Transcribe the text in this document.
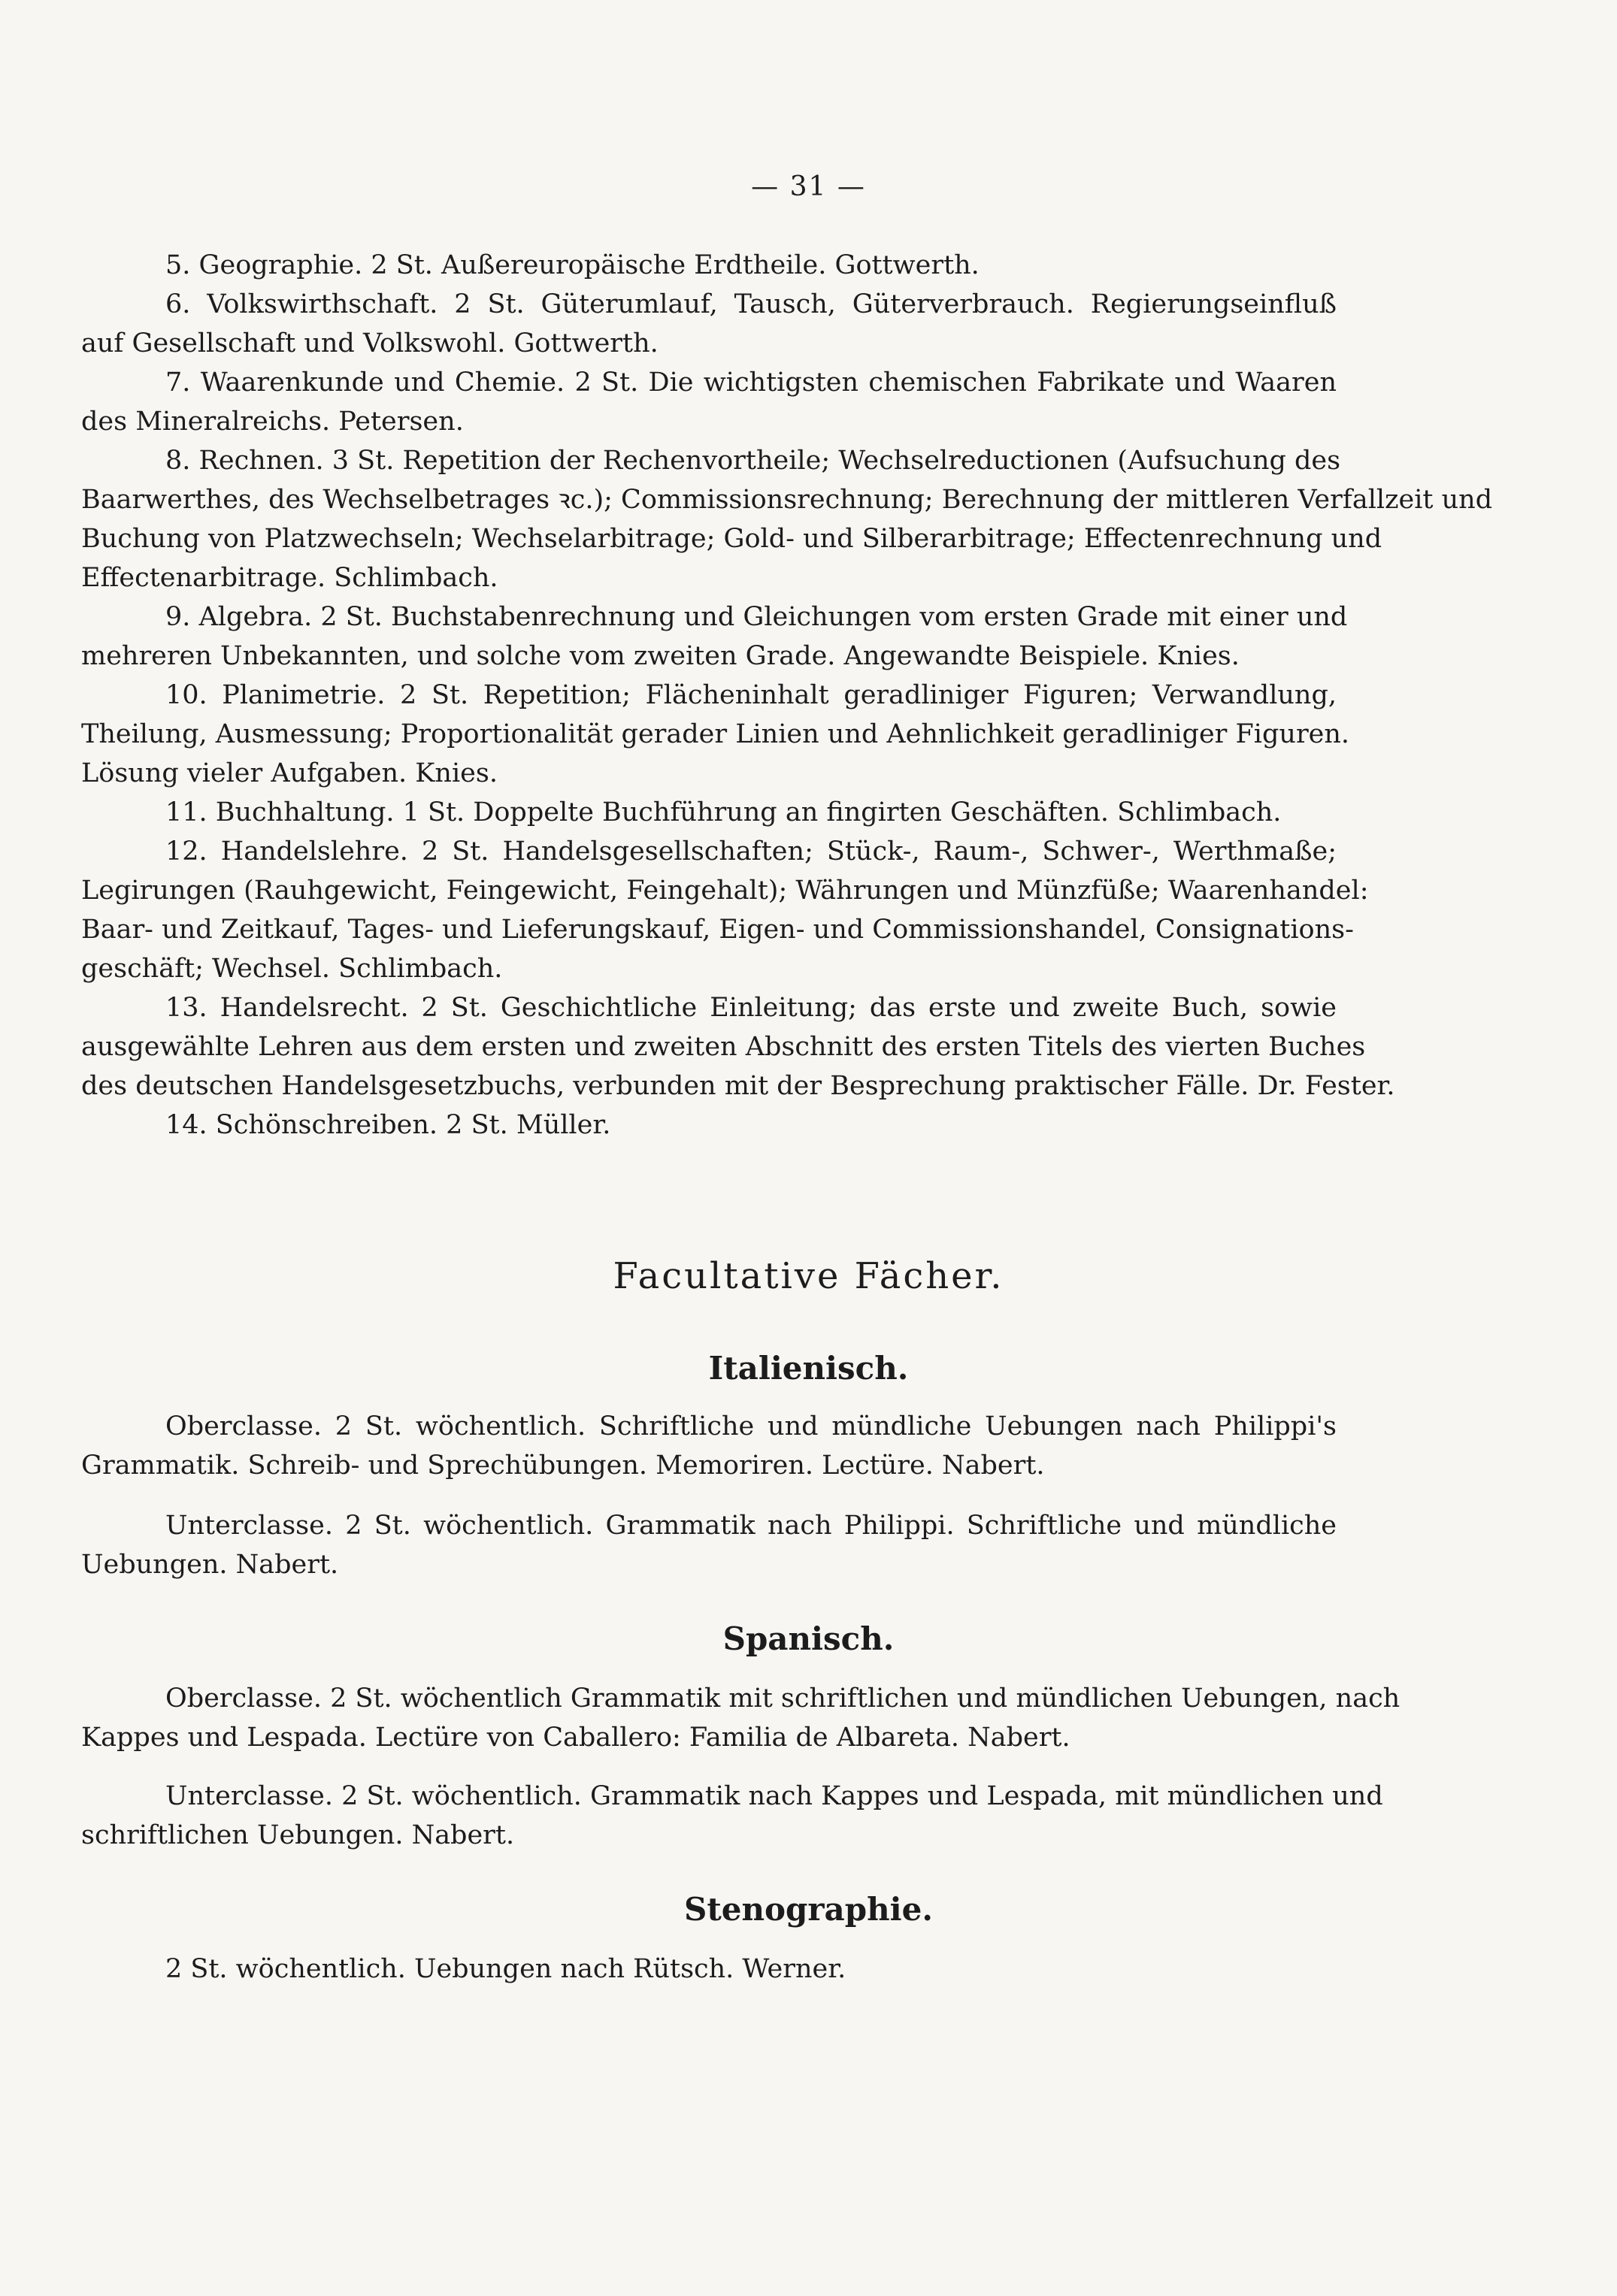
— 31 —
5. Geographie. 2 St. Außereuropäische Erdtheile. Gottwerth.
6. Volkswirthschaft. 2 St. Güterumlauf, Tausch, Güterverbrauch. Regierungseinfluß
auf Gesellschaft und Volkswohl. Gottwerth.
7. Waarenkunde und Chemie. 2 St. Die wichtigsten chemischen Fabrikate und Waaren
des Mineralreichs. Petersen.
8. Rechnen. 3 St. Repetition der Rechenvortheile; Wechselreductionen (Aufsuchung des
Baarwerthes, des Wechselbetrages ꝛc.); Commissionsrechnung; Berechnung der mittleren Verfallzeit und
Buchung von Platzwechseln; Wechselarbitrage; Gold- und Silberarbitrage; Effectenrechnung und
Effectenarbitrage. Schlimbach.
9. Algebra. 2 St. Buchstabenrechnung und Gleichungen vom ersten Grade mit einer und
mehreren Unbekannten, und solche vom zweiten Grade. Angewandte Beispiele. Knies.
10. Planimetrie. 2 St. Repetition; Flächeninhalt geradliniger Figuren; Verwandlung,
Theilung, Ausmessung; Proportionalität gerader Linien und Aehnlichkeit geradliniger Figuren.
Lösung vieler Aufgaben. Knies.
11. Buchhaltung. 1 St. Doppelte Buchführung an fingirten Geschäften. Schlimbach.
12. Handelslehre. 2 St. Handelsgesellschaften; Stück-, Raum-, Schwer-, Werthmaße;
Legirungen (Rauhgewicht, Feingewicht, Feingehalt); Währungen und Münzfüße; Waarenhandel:
Baar- und Zeitkauf, Tages- und Lieferungskauf, Eigen- und Commissionshandel, Consignations-
geschäft; Wechsel. Schlimbach.
13. Handelsrecht. 2 St. Geschichtliche Einleitung; das erste und zweite Buch, sowie
ausgewählte Lehren aus dem ersten und zweiten Abschnitt des ersten Titels des vierten Buches
des deutschen Handelsgesetzbuchs, verbunden mit der Besprechung praktischer Fälle. Dr. Fester.
14. Schönschreiben. 2 St. Müller.
Facultative Fächer.
Italienisch.
Oberclasse. 2 St. wöchentlich. Schriftliche und mündliche Uebungen nach Philippi's
Grammatik. Schreib- und Sprechübungen. Memoriren. Lectüre. Nabert.
Unterclasse. 2 St. wöchentlich. Grammatik nach Philippi. Schriftliche und mündliche
Uebungen. Nabert.
Spanisch.
Oberclasse. 2 St. wöchentlich Grammatik mit schriftlichen und mündlichen Uebungen, nach
Kappes und Lespada. Lectüre von Caballero: Familia de Albareta. Nabert.
Unterclasse. 2 St. wöchentlich. Grammatik nach Kappes und Lespada, mit mündlichen und
schriftlichen Uebungen. Nabert.
Stenographie.
2 St. wöchentlich. Uebungen nach Rütsch. Werner.
